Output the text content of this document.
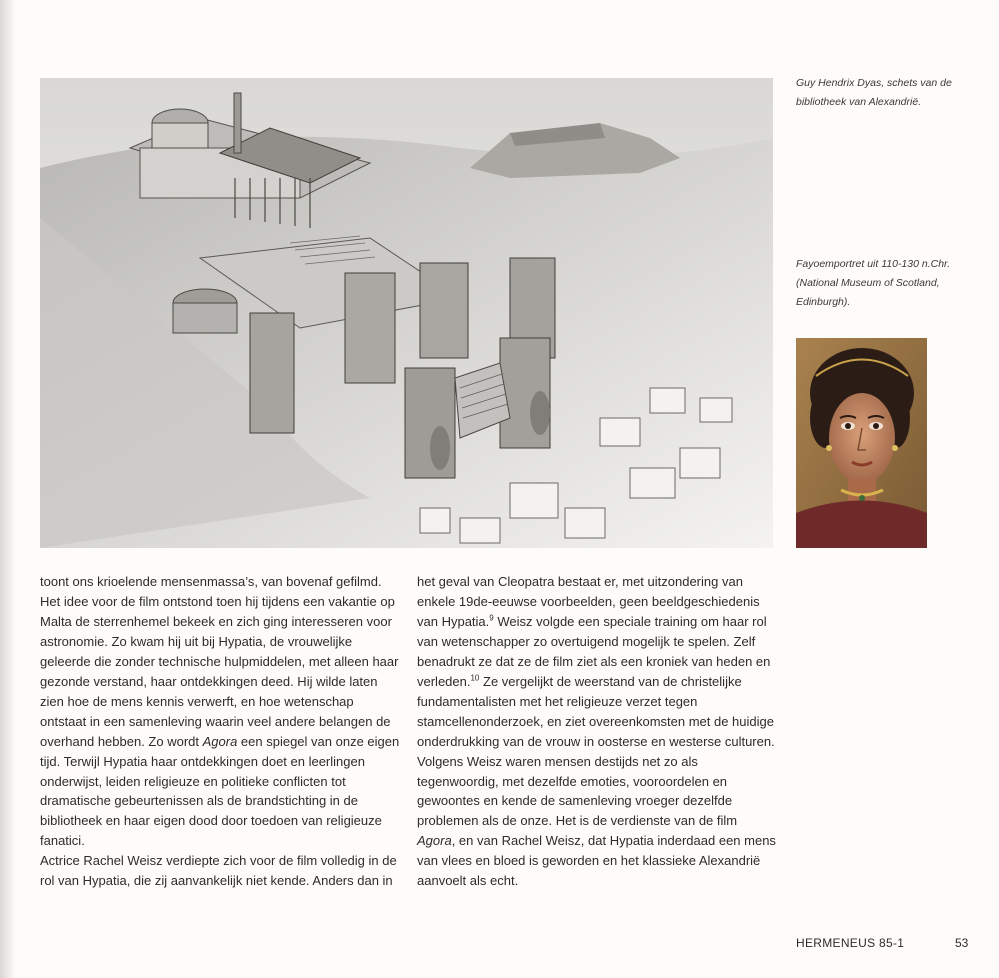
Guy Hendrix Dyas, schets van de bibliotheek van Alexandrië.

Fayoemportret uit 110-130 n.Chr.

(National Museum of Scotland, Edinburgh).

toont ons krioelende mensenmassa’s, van bovenaf gefilmd. Het idee voor de film ontstond toen hij tijdens een vakantie op Malta de sterrenhemel bekeek en zich ging interesseren voor astronomie. Zo kwam hij uit bij Hypatia, de vrouwelijke geleerde die zonder technische hulpmiddelen, met alleen haar gezonde verstand, haar ontdekkingen deed. Hij wilde laten zien hoe de mens kennis verwerft, en hoe wetenschap ontstaat in een samenleving waarin veel andere belangen de overhand hebben. Zo wordt Agora een spiegel van onze eigen tijd. Terwijl Hypatia haar ontdekkingen doet en leerlingen onderwijst, leiden religieuze en politieke conflicten tot dramatische gebeurtenissen als de brandstichting in de bibliotheek en haar eigen dood door toedoen van religieuze fanatici.

Actrice Rachel Weisz verdiepte zich voor de film volledig in de rol van Hypatia, die zij aanvankelijk niet kende. Anders dan in

het geval van Cleopatra bestaat er, met uitzondering van enkele 19de-eeuwse voorbeelden, geen beeldgeschiedenis van Hypatia.$^9$ Weisz volgde een speciale training om haar rol van wetenschapper zo overtuigend mogelijk te spelen. Zelf benadrukt ze dat ze de film ziet als een kroniek van heden en verleden.$^{10}$ Ze vergelijkt de weerstand van de christelijke fundamentalisten met het religieuze verzet tegen stamcellenonderzoek, en ziet overeenkomsten met de huidige onderdrukking van de vrouw in oosterse en westerse culturen. Volgens Weisz waren mensen destijds net zo als tegenwoordig, met dezelfde emoties, vooroordelen en gewoontes en kende de samenleving vroeger dezelfde problemen als de onze. Het is de verdienste van de film Agora, en van Rachel Weisz, dat Hypatia inderdaad een mens van vlees en bloed is geworden en het klassieke Alexandrië aanvoelt als echt.

HERMENEUS 85-1	53
